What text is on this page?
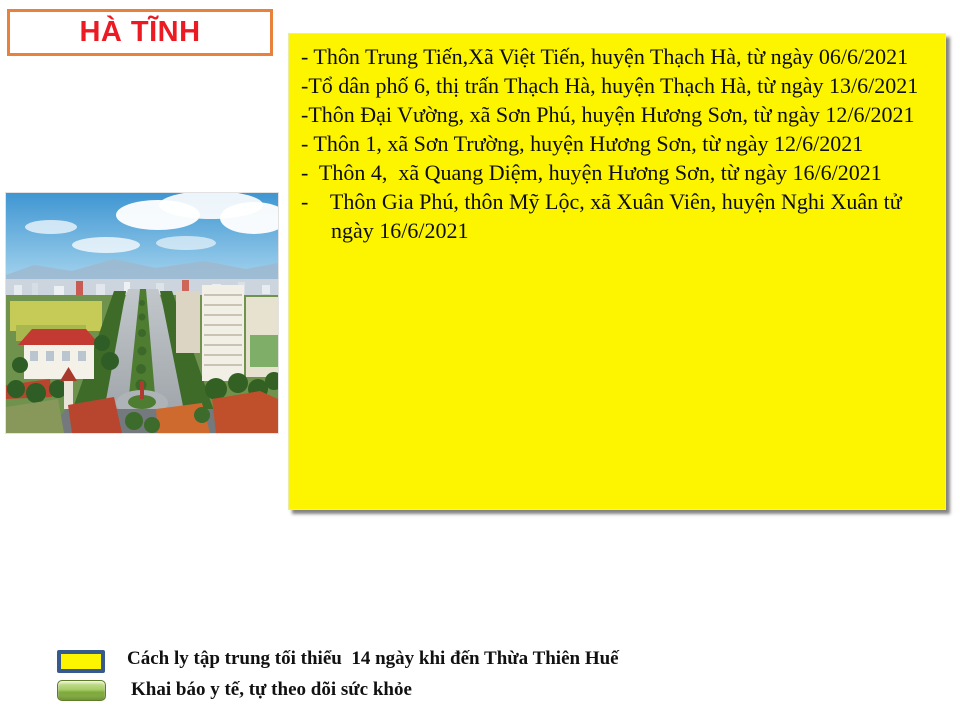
HÀ TĨNH

- Thôn Trung Tiến,Xã Việt Tiến, huyện Thạch Hà, từ ngày 06/6/2021

-Tổ dân phố 6, thị trấn Thạch Hà, huyện Thạch Hà, từ ngày 13/6/2021

-Thôn Đại Vường, xã Sơn Phú, huyện Hương Sơn, từ ngày 12/6/2021

- Thôn 1, xã Sơn Trường, huyện Hương Sơn, từ ngày 12/6/2021

-  Thôn 4,  xã Quang Diệm, huyện Hương Sơn, từ ngày 16/6/2021

-    Thôn Gia Phú, thôn Mỹ Lộc, xã Xuân Viên, huyện Nghi Xuân tử ngày 16/6/2021

Cách ly tập trung tối thiểu  14 ngày khi đến Thừa Thiên Huế
Khai báo y tế, tự theo dõi sức khỏe
